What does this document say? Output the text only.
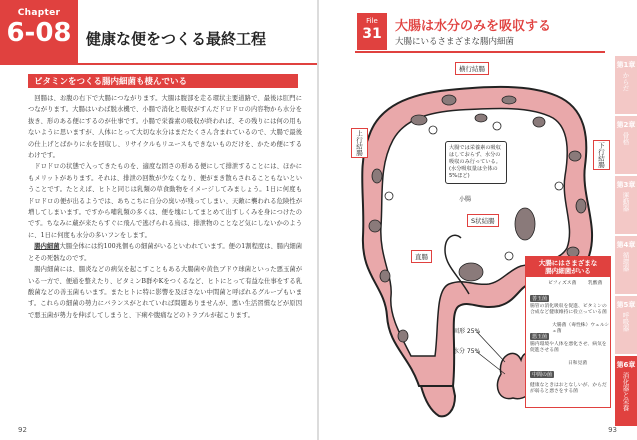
Chapter
6-08 健康な便をつくる最終工程
ビタミンをつくる腸内細菌も棲んでいる

回腸は、お腹の右下で大腸につながります。大腸は腹部を走る環状主要道路で、最後は肛門につながります。大腸はいわば脱水機で、小腸で消化と吸収がすんだドロドロの内容物から水分を抜き、形のある便にするのが仕事です。小腸で栄養素の吸収が終われば、その残りには何の用もないように思いますが、人体にとって大切な水分はまだたくさん含まれているので、大腸で最後の仕上げとばかりに水を回収し、リサイクルもリユースもできないものだけを、かため便にするわけです。

ドロドロの状態で入ってきたものを、適度な固さの形ある便にして排泄することには、ほかにもメリットがあります。それは、排泄の回数が少なくなり、便がまき散らされることもないということです。たとえば、ヒトと同じは乳類の草食動物をイメージしてみましょう。1日に何度もドロドロの便が出るようでは、あちこちに自分の臭いが残ってしまい、天敵に襲われる危険性が増してしまいます。ですから哺乳類の多くは、便を塊にしてまとめて出すしくみを身につけたのです。ちなみに蔵が来たらすぐに飛んで逃げられる鳥は、排泄物のことなど気にしないかのように、1日に何度も水分の多いフンをします。

腸内細菌大腸全体には約100兆個もの細菌がいるといわれています。便の1割程度は、腸内細菌とその死骸なのです。

腸内細菌には、腸炎などの病気を起こすこともある大腸菌や黄色ブドウ球菌といった悪玉菌がいる一方で、便通を整えたり、ビタミンB群やKをつくるなど、ヒトにとって有益な仕事をする乳酸菌などの善玉菌もいます。またヒトに特に影響を及ぼさない中間菌と呼ばれるグループもいます。これらの細菌の勢力にバランスがとれていれば問題ありませんが、悪い生活習慣などが原因で悪玉菌が勢力を伸ばしてしまうと、下痢や腹痛などのトラブルが起こります。

92
File
31	大腸は水分のみを吸収する
大腸にいるさまざまな腸内細菌
横行結腸
上行結腸	下行結腸
小腸
S状結腸
直腸
大腸では栄養素の吸収はしておらず、水分の吸収のみ行っている。(水分吸収量は全体の5%ほど)
固形 25%
水分 75%
大腸にはさまざまな
腸内細菌がいる
ビフィズス菌 乳酸菌
善玉菌
腸管の消化吸収を促進、ビタミンの合成など健康維持に役立っている菌
大腸菌（毒性株）ウェルシュ菌
悪玉菌
腸内環境や人体を悪化させ、病気を促進させる菌
日和見菌
中間の菌
健康なときはおとなしいが、からだが弱ると悪さをする菌
第1章
からだ
第2章
骨格
第3章
運動器
第4章
循環器
第5章
呼吸器
第6章
消化器と栄養
93
